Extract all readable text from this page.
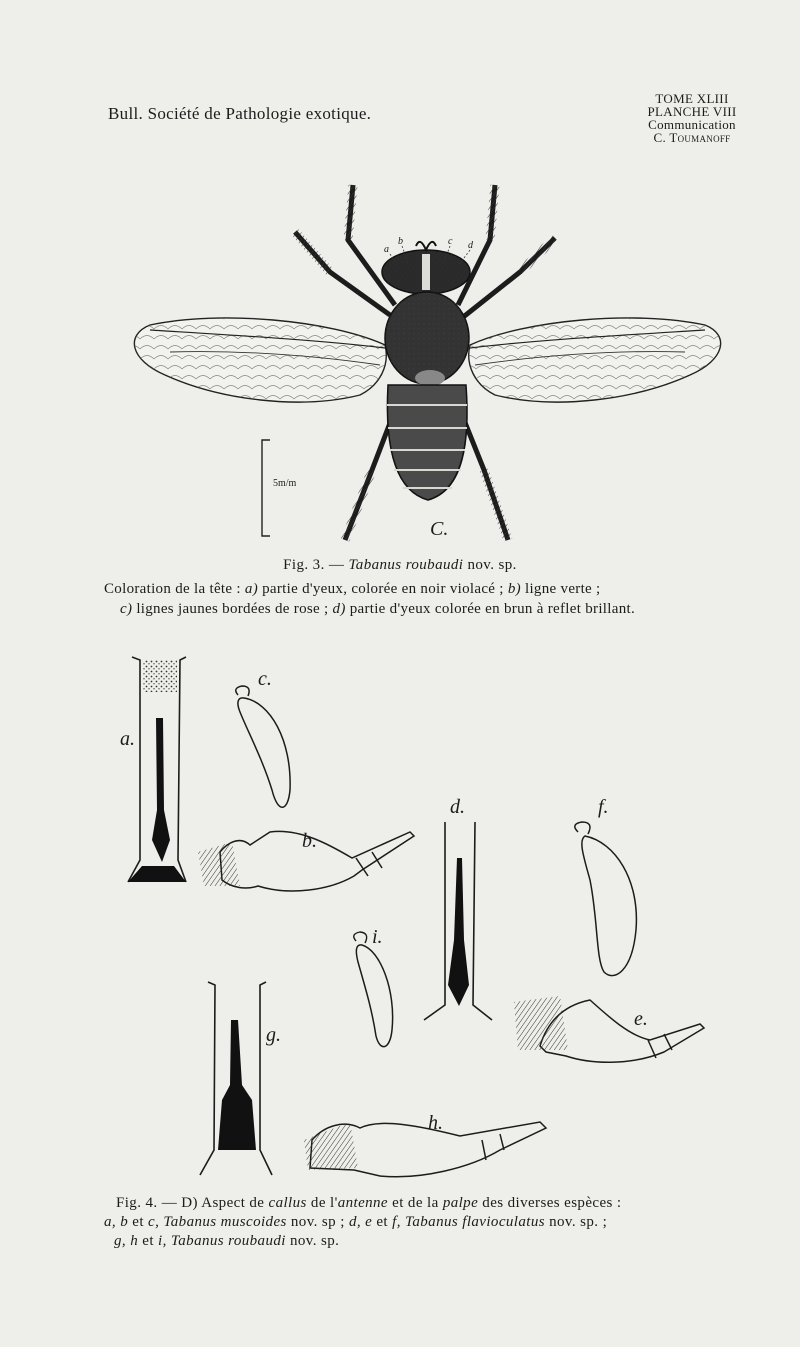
Bull. Société de Pathologie exotique.
TOME XLIII
PLANCHE VIII
Communication
C. Toumanoff
a
b	c d
5m/m
C.
a.
c.
b.
d.	f.
i.
e.
g.
h.
Fig. 3. — Tabanus roubaudi nov. sp.
Coloration de la tête : a) partie d'yeux, colorée en noir violacé ; b) ligne verte ;
c) lignes jaunes bordées de rose ; d) partie d'yeux colorée en brun à reflet brillant.
Fig. 4. — D) Aspect de callus de l'antenne et de la palpe des diverses espèces :
a, b et c, Tabanus muscoides nov. sp ; d, e et f, Tabanus flavioculatus nov. sp. ;
g, h et i, Tabanus roubaudi nov. sp.
